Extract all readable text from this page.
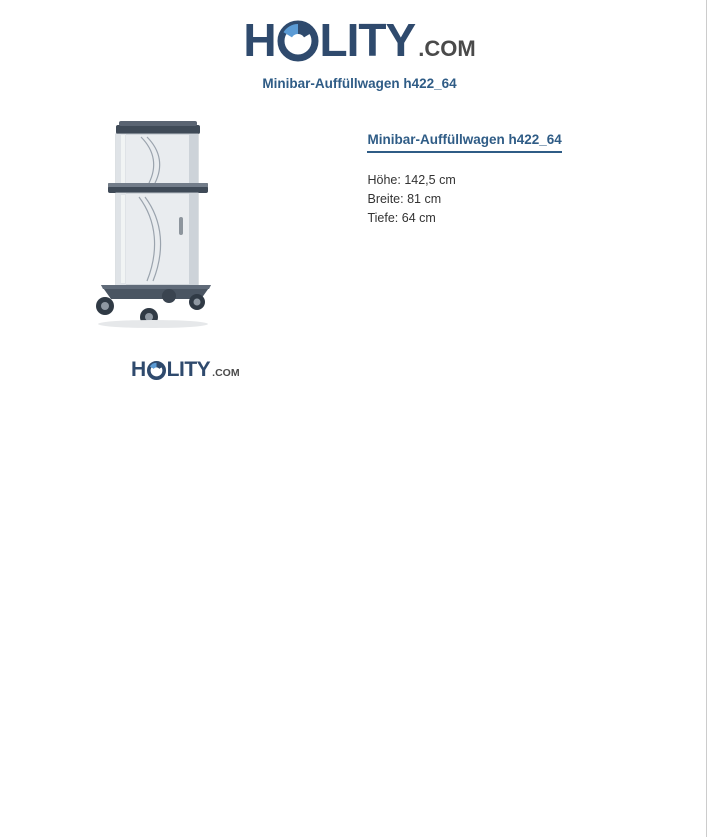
H LITY .COM
Minibar-Auffüllwagen h422_64
H LITY .COM
Minibar-Auffüllwagen h422_64
Höhe: 142,5 cm
Breite: 81 cm
Tiefe: 64 cm
